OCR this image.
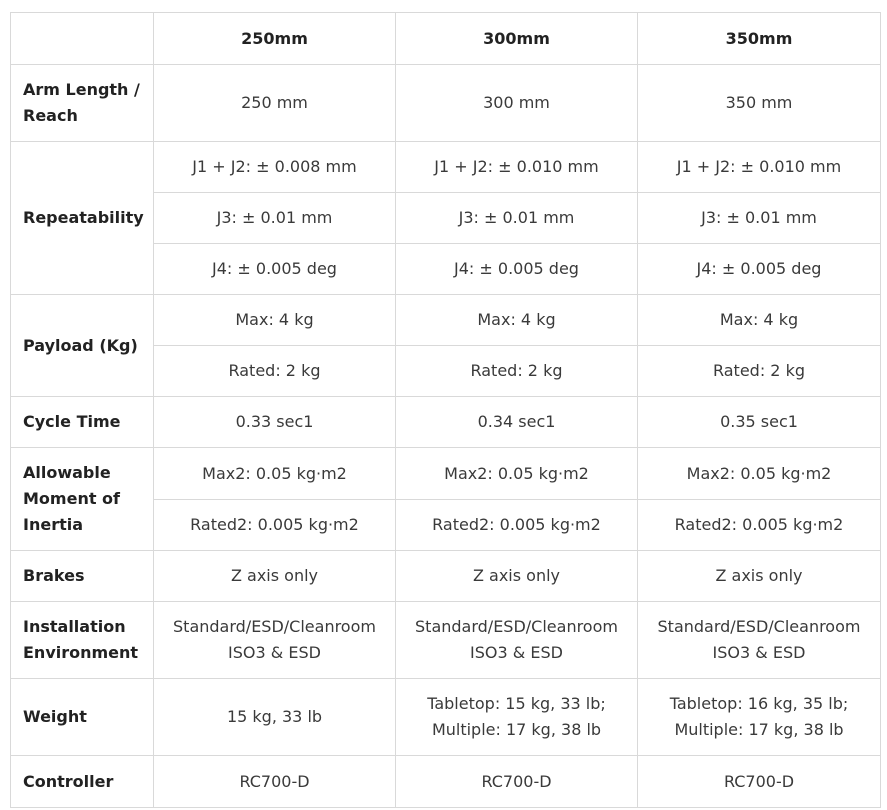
	250mm	300mm	350mm
Arm Length / Reach	250 mm	300 mm	350 mm
Repeatability	J1 + J2: ± 0.008 mm	J1 + J2: ± 0.010 mm	J1 + J2: ± 0.010 mm
	J3: ± 0.01 mm	J3: ± 0.01 mm	J3: ± 0.01 mm
	J4: ± 0.005 deg	J4: ± 0.005 deg	J4: ± 0.005 deg
Payload (Kg)	Max: 4 kg	Max: 4 kg	Max: 4 kg
	Rated: 2 kg	Rated: 2 kg	Rated: 2 kg
Cycle Time	0.33 sec1	0.34 sec1	0.35 sec1
Allowable Moment of Inertia	Max2: 0.05 kg·m2	Max2: 0.05 kg·m2	Max2: 0.05 kg·m2
	Rated2: 0.005 kg·m2	Rated2: 0.005 kg·m2	Rated2: 0.005 kg·m2
Brakes	Z axis only	Z axis only	Z axis only
Installation Environment	Standard/ESD/Cleanroom ISO3 & ESD	Standard/ESD/Cleanroom ISO3 & ESD	Standard/ESD/Cleanroom ISO3 & ESD
Weight	15 kg, 33 lb	Tabletop: 15 kg, 33 lb; Multiple: 17 kg, 38 lb	Tabletop: 16 kg, 35 lb; Multiple: 17 kg, 38 lb
Controller	RC700-D	RC700-D	RC700-D
